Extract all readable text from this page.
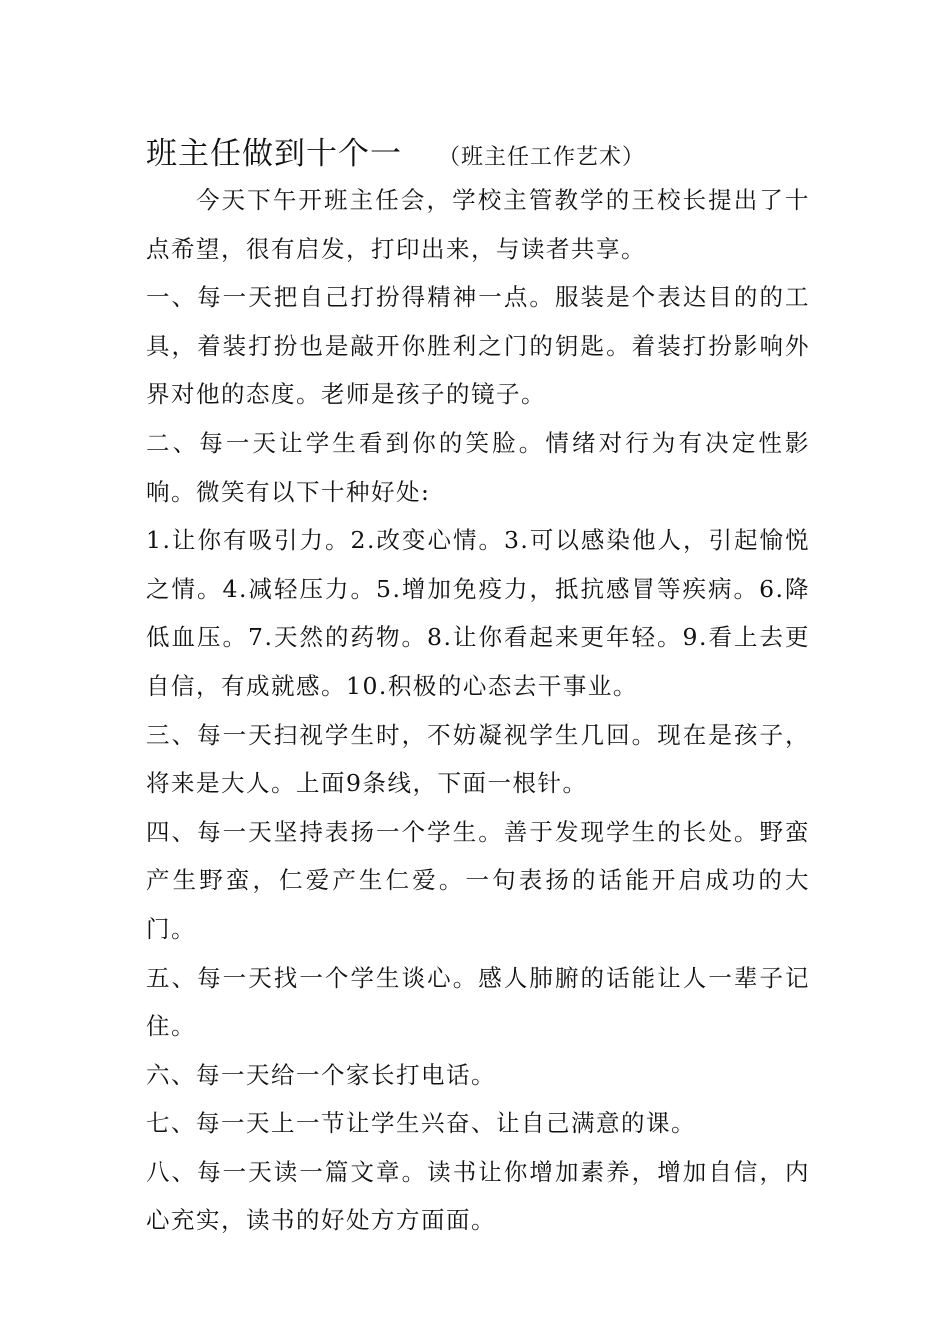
班主任做到十个一 （班主任工作艺术）

今天下午开班主任会，学校主管教学的王校长提出了十点希望，很有启发，打印出来，与读者共享。

一、每一天把自己打扮得精神一点。服装是个表达目的的工具，着装打扮也是敲开你胜利之门的钥匙。着装打扮影响外界对他的态度。老师是孩子的镜子。

二、每一天让学生看到你的笑脸。情绪对行为有决定性影响。微笑有以下十种好处:

1.让你有吸引力。2.改变心情。3.可以感染他人，引起愉悦之情。4.减轻压力。5.增加免疫力，抵抗感冒等疾病。6.降低血压。7.天然的药物。8.让你看起来更年轻。9.看上去更自信，有成就感。10.积极的心态去干事业。

三、每一天扫视学生时，不妨凝视学生几回。现在是孩子，将来是大人。上面9条线，下面一根针。

四、每一天坚持表扬一个学生。善于发现学生的长处。野蛮产生野蛮，仁爱产生仁爱。一句表扬的话能开启成功的大门。

五、每一天找一个学生谈心。感人肺腑的话能让人一辈子记住。

六、每一天给一个家长打电话。

七、每一天上一节让学生兴奋、让自己满意的课。

八、每一天读一篇文章。读书让你增加素养，增加自信，内心充实，读书的好处方方面面。
